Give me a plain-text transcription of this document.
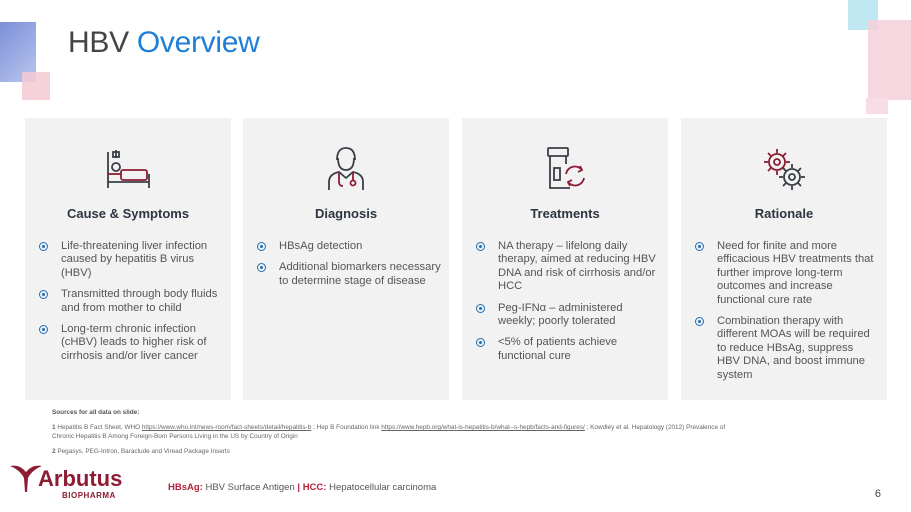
HBV Overview
Cause & Symptoms
Life-threatening liver infection caused by hepatitis B virus (HBV)
Transmitted through body fluids and from mother to child
Long-term chronic infection (cHBV) leads to higher risk of cirrhosis and/or liver cancer
Diagnosis
HBsAg detection
Additional biomarkers necessary to determine stage of disease
Treatments
NA therapy – lifelong daily therapy, aimed at reducing HBV DNA and risk of cirrhosis and/or HCC
Peg-IFNα – administered weekly; poorly tolerated
<5% of patients achieve functional cure
Rationale
Need for finite and more efficacious HBV treatments that further improve long-term outcomes and increase functional cure rate
Combination therapy with different MOAs will be required to reduce HBsAg, suppress HBV DNA, and boost immune system
Sources for all data on slide:

1 Hepatitis B Fact Sheet, WHO https://www.who.int/news-room/fact-sheets/detail/hepatitis-b ; Hep B Foundation link https://www.hepb.org/what-is-hepatitis-b/what--s-hepb/facts-and-figures/ ; Kowdley et al. Hepatology (2012) Prevalence of Chronic Hepatitis B Among Foreign-Born Persons Living in the US by Country of Origin

2 Pegasys, PEG-Intron, Baraclude and Viread Package Inserts

Arbutus
BIOPHARMA
HBsAg: HBV Surface Antigen | HCC: Hepatocellular carcinoma
6
